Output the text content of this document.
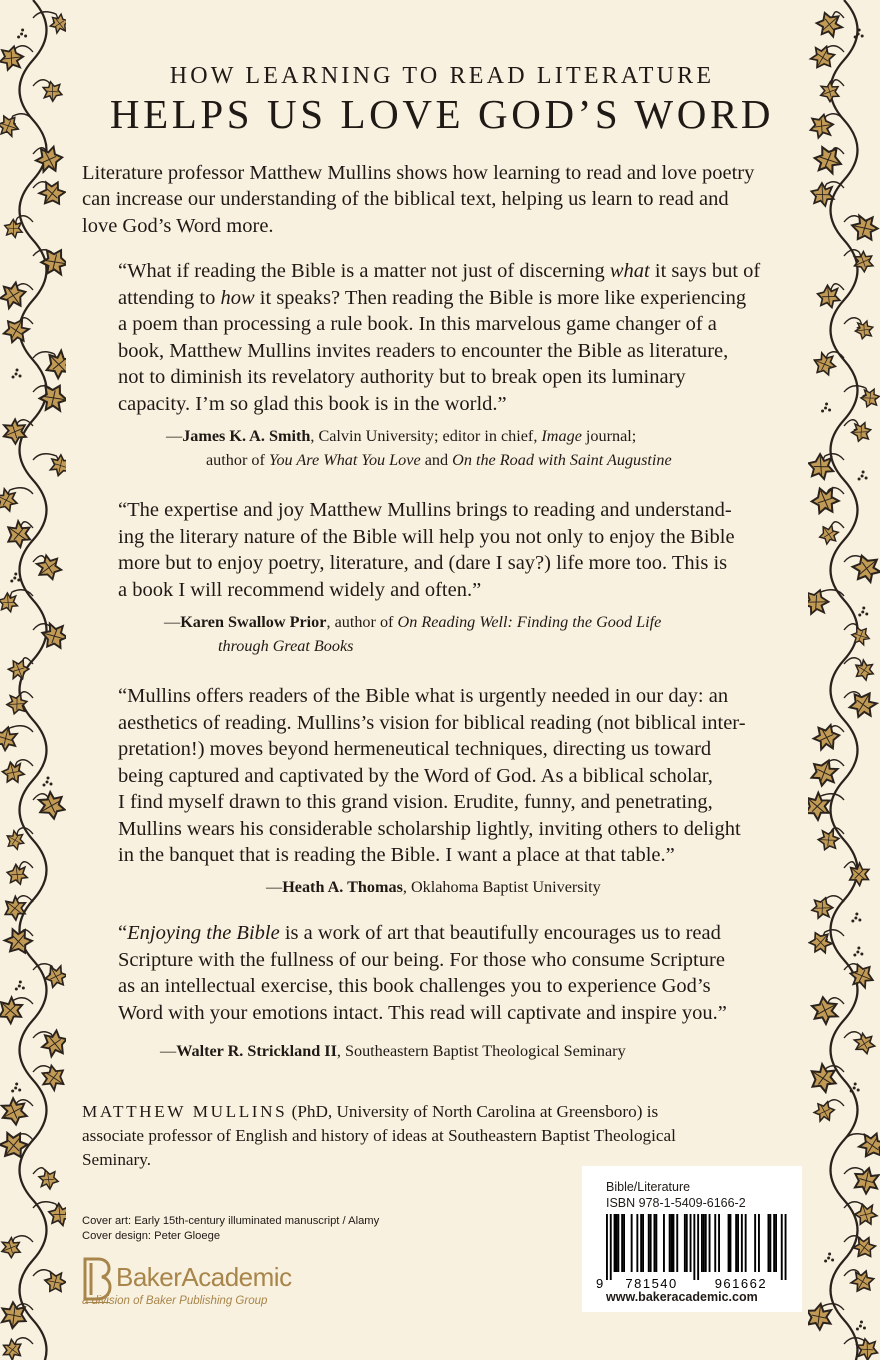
HOW LEARNING TO READ LITERATURE
HELPS US LOVE GOD’S WORD
Literature professor Matthew Mullins shows how learning to read and love poetry
can increase our understanding of the biblical text, helping us learn to read and
love God’s Word more.
“What if reading the Bible is a matter not just of discerning what it says but of
attending to how it speaks? Then reading the Bible is more like experiencing
a poem than processing a rule book. In this marvelous game changer of a
book, Matthew Mullins invites readers to encounter the Bible as literature,
not to diminish its revelatory authority but to break open its luminary
capacity. I’m so glad this book is in the world.”
—James K. A. Smith, Calvin University; editor in chief, Image journal;
author of You Are What You Love and On the Road with Saint Augustine
“The expertise and joy Matthew Mullins brings to reading and understand-
ing the literary nature of the Bible will help you not only to enjoy the Bible
more but to enjoy poetry, literature, and (dare I say?) life more too. This is
a book I will recommend widely and often.”
—Karen Swallow Prior, author of On Reading Well: Finding the Good Life
through Great Books
“Mullins offers readers of the Bible what is urgently needed in our day: an
aesthetics of reading. Mullins’s vision for biblical reading (not biblical inter-
pretation!) moves beyond hermeneutical techniques, directing us toward
being captured and captivated by the Word of God. As a biblical scholar,
I find myself drawn to this grand vision. Erudite, funny, and penetrating,
Mullins wears his considerable scholarship lightly, inviting others to delight
in the banquet that is reading the Bible. I want a place at that table.”
—Heath A. Thomas, Oklahoma Baptist University
“Enjoying the Bible is a work of art that beautifully encourages us to read
Scripture with the fullness of our being. For those who consume Scripture
as an intellectual exercise, this book challenges you to experience God’s
Word with your emotions intact. This read will captivate and inspire you.”
—Walter R. Strickland II, Southeastern Baptist Theological Seminary
MATTHEW MULLINS (PhD, University of North Carolina at Greensboro) is
associate professor of English and history of ideas at Southeastern Baptist Theological
Seminary.
Cover art: Early 15th-century illuminated manuscript / Alamy
Cover design: Peter Gloege
BakerAcademic
a division of Baker Publishing Group
Bible/Literature
ISBN 978-1-5409-6166-2
9 781540	961662
www.bakeracademic.com
